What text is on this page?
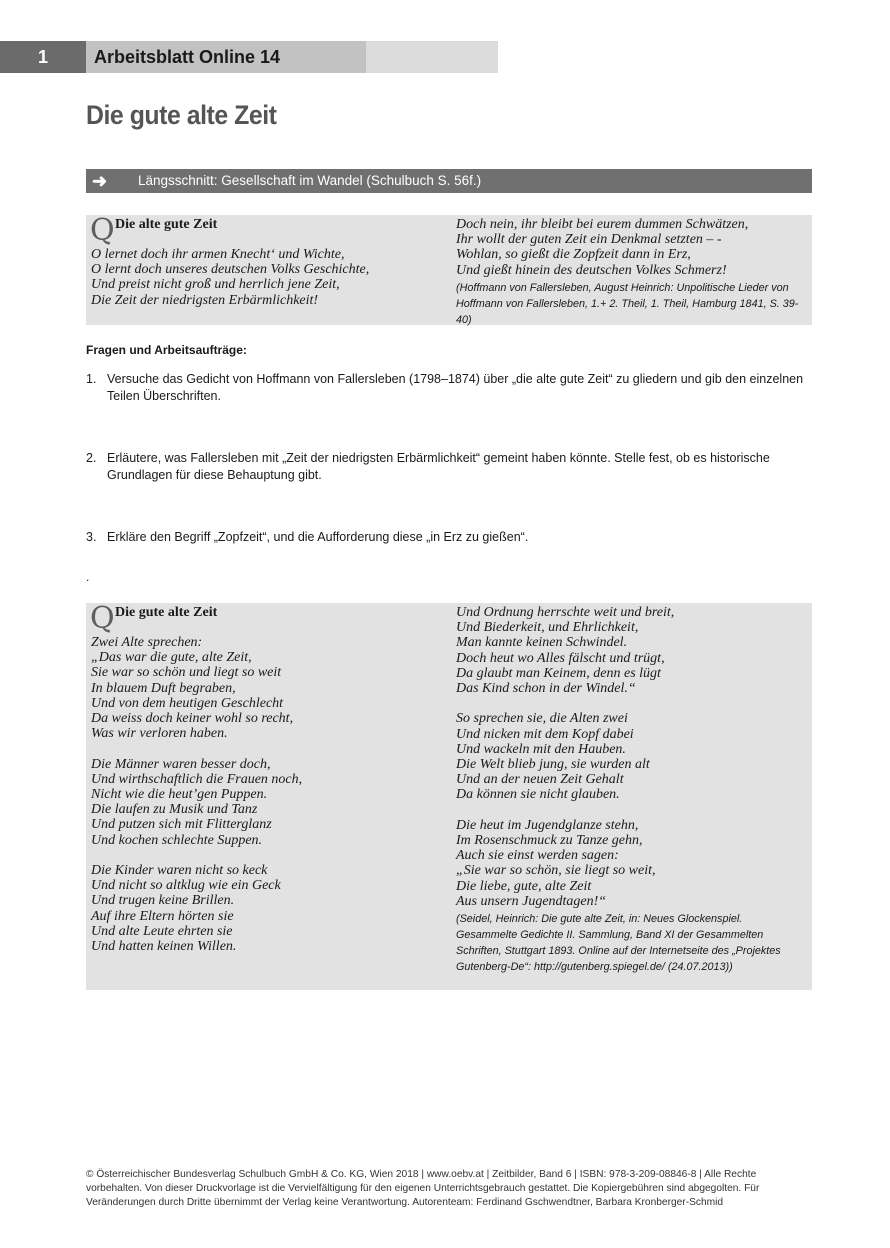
1	Arbeitsblatt Online 14
Die gute alte Zeit
➜ Längsschnitt: Gesellschaft im Wandel (Schulbuch S. 56f.)
Q Die alte gute Zeit
O lernet doch ihr armen Knecht‘ und Wichte,
O lernt doch unseres deutschen Volks Geschichte,
Und preist nicht groß und herrlich jene Zeit,
Die Zeit der niedrigsten Erbärmlichkeit!
Doch nein, ihr bleibt bei eurem dummen Schwätzen,
Ihr wollt der guten Zeit ein Denkmal setzten – -
Wohlan, so gießt die Zopfzeit dann in Erz,
Und gießt hinein des deutschen Volkes Schmerz!
(Hoffmann von Fallersleben, August Heinrich: Unpolitische Lieder von Hoffmann von Fallersleben, 1.+ 2. Theil, 1. Theil, Hamburg 1841, S. 39-40)
Fragen und Arbeitsaufträge:
1. Versuche das Gedicht von Hoffmann von Fallersleben (1798–1874) über „die alte gute Zeit“ zu gliedern und gib den einzelnen Teilen Überschriften.
2. Erläutere, was Fallersleben mit „Zeit der niedrigsten Erbärmlichkeit“ gemeint haben könnte. Stelle fest, ob es historische Grundlagen für diese Behauptung gibt.
3. Erkläre den Begriff „Zopfzeit“, und die Aufforderung diese „in Erz zu gießen“.
.
Q Die gute alte Zeit
Zwei Alte sprechen:
„Das war die gute, alte Zeit,
Sie war so schön und liegt so weit
In blauem Duft begraben,
Und von dem heutigen Geschlecht
Da weiss doch keiner wohl so recht,
Was wir verloren haben.

Die Männer waren besser doch,
Und wirthschaftlich die Frauen noch,
Nicht wie die heut’gen Puppen.
Die laufen zu Musik und Tanz
Und putzen sich mit Flitterglanz
Und kochen schlechte Suppen.

Die Kinder waren nicht so keck
Und nicht so altklug wie ein Geck
Und trugen keine Brillen.
Auf ihre Eltern hörten sie
Und alte Leute ehrten sie
Und hatten keinen Willen.
Und Ordnung herrschte weit und breit,
Und Biederkeit, und Ehrlichkeit,
Man kannte keinen Schwindel.
Doch heut wo Alles fälscht und trügt,
Da glaubt man Keinem, denn es lügt
Das Kind schon in der Windel.“

So sprechen sie, die Alten zwei
Und nicken mit dem Kopf dabei
Und wackeln mit den Hauben.
Die Welt blieb jung, sie wurden alt
Und an der neuen Zeit Gehalt
Da können sie nicht glauben.

Die heut im Jugendglanze stehn,
Im Rosenschmuck zu Tanze gehn,
Auch sie einst werden sagen:
„Sie war so schön, sie liegt so weit,
Die liebe, gute, alte Zeit
Aus unsern Jugendtagen!“
(Seidel, Heinrich: Die gute alte Zeit, in: Neues Glockenspiel. Gesammelte Gedichte II. Sammlung, Band XI der Gesammelten Schriften, Stuttgart 1893. Online auf der Internetseite des „Projektes Gutenberg-De“: http://gutenberg.spiegel.de/ (24.07.2013))
© Österreichischer Bundesverlag Schulbuch GmbH & Co. KG, Wien 2018 | www.oebv.at | Zeitbilder, Band 6 | ISBN: 978-3-209-08846-8 | Alle Rechte vorbehalten. Von dieser Druckvorlage ist die Vervielfältigung für den eigenen Unterrichtsgebrauch gestattet. Die Kopiergebühren sind abgegolten. Für Veränderungen durch Dritte übernimmt der Verlag keine Verantwortung. Autorenteam: Ferdinand Gschwendtner, Barbara Kronberger-Schmid
